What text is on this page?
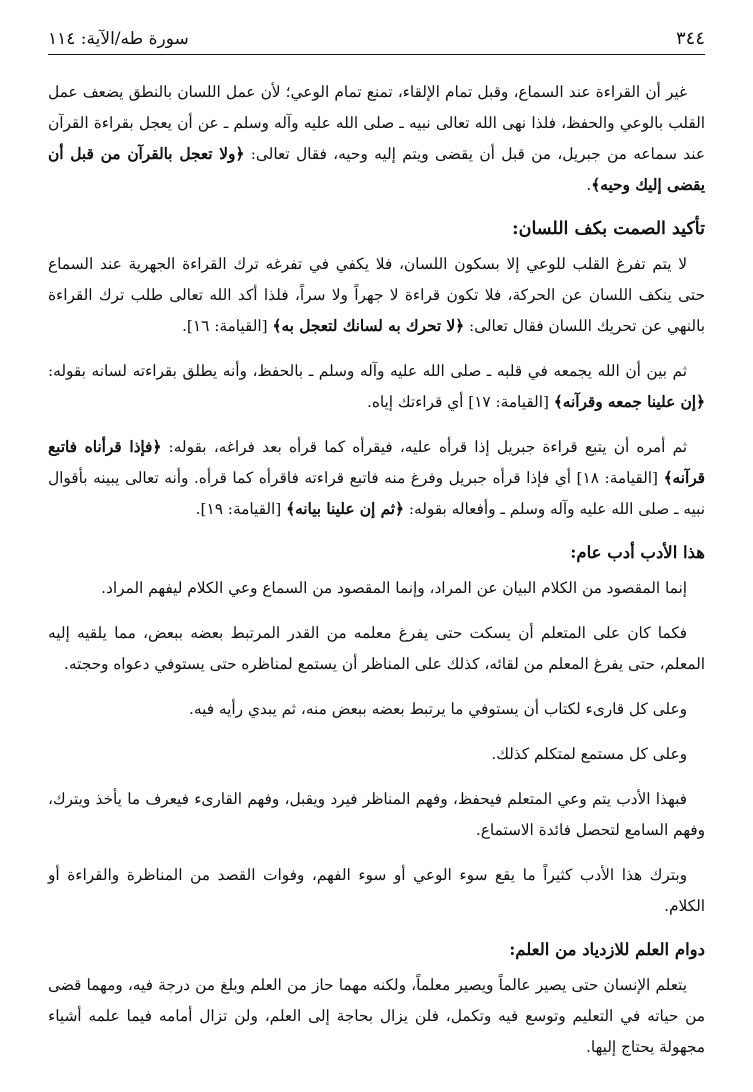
٣٤٤
سورة طه/الآية: ١١٤

غير أن القراءة عند السماع، وقبل تمام الإلقاء، تمنع تمام الوعي؛ لأن عمل اللسان بالنطق يضعف عمل القلب بالوعي والحفظ، فلذا نهى الله تعالى نبيه ـ صلى الله عليه وآله وسلم ـ عن أن يعجل بقراءة القرآن عند سماعه من جبريل، من قبل أن يقضى ويتم إليه وحيه، فقال تعالى: ﴿ولا تعجل بالقرآن من قبل أن يقضى إليك وحيه﴾.

تأكيد الصمت بكف اللسان:

لا يتم تفرغ القلب للوعي إلا بسكون اللسان، فلا يكفي في تفرغه ترك القراءة الجهرية عند السماع حتى ينكف اللسان عن الحركة، فلا تكون قراءة لا جهراً ولا سراً، فلذا أكد الله تعالى طلب ترك القراءة بالنهي عن تحريك اللسان فقال تعالى: ﴿لا تحرك به لسانك لتعجل به﴾ [القيامة: ١٦].

ثم بين أن الله يجمعه في قلبه ـ صلى الله عليه وآله وسلم ـ بالحفظ، وأنه يطلق بقراءته لسانه بقوله: ﴿إن علينا جمعه وقرآنه﴾ [القيامة: ١٧] أي قراءتك إياه.

ثم أمره أن يتبع قراءة جبريل إذا قرأه عليه، فيقرأه كما قرأه بعد فراغه، بقوله: ﴿فإذا قرأناه فاتبع قرآنه﴾ [القيامة: ١٨] أي فإذا قرأه جبريل وفرغ منه فاتبع قراءته فاقرأه كما قرأه. وأنه تعالى يبينه بأقوال نبيه ـ صلى الله عليه وآله وسلم ـ وأفعاله بقوله: ﴿ثم إن علينا بيانه﴾ [القيامة: ١٩].

هذا الأدب أدب عام:

إنما المقصود من الكلام البيان عن المراد، وإنما المقصود من السماع وعي الكلام ليفهم المراد.

فكما كان على المتعلم أن يسكت حتى يفرغ معلمه من القدر المرتبط بعضه ببعض، مما يلقيه إليه المعلم، حتى يفرغ المعلم من لقائه، كذلك على المناظر أن يستمع لمناظره حتى يستوفي دعواه وحجته.

وعلى كل قارىء لكتاب أن يستوفي ما يرتبط بعضه ببعض منه، ثم يبدي رأيه فيه.

وعلى كل مستمع لمتكلم كذلك.

فبهذا الأدب يتم وعي المتعلم فيحفظ، وفهم المناظر فيرد ويقبل، وفهم القارىء فيعرف ما يأخذ ويترك، وفهم السامع لتحصل فائدة الاستماع.

وبترك هذا الأدب كثيراً ما يقع سوء الوعي أو سوء الفهم، وفوات القصد من المناظرة والقراءة أو الكلام.

دوام العلم للازدياد من العلم:

يتعلم الإنسان حتى يصير عالماً ويصير معلماً، ولكنه مهما حاز من العلم وبلغ من درجة فيه، ومهما قضى من حياته في التعليم وتوسع فيه وتكمل، فلن يزال بحاجة إلى العلم، ولن تزال أمامه فيما علمه أشياء مجهولة يحتاج إليها.
